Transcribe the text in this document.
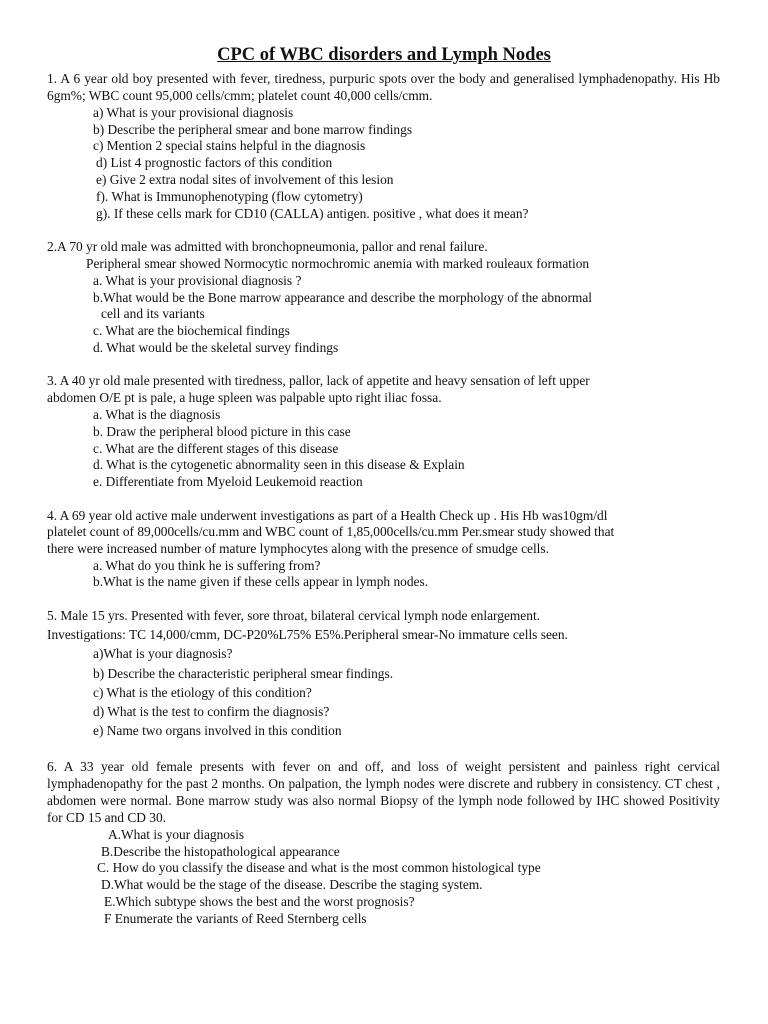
CPC of WBC disorders and Lymph Nodes

1. A 6 year old boy presented with fever, tiredness, purpuric spots over the body and generalised lymphadenopathy. His Hb 6gm%; WBC count 95,000 cells/cmm; platelet count 40,000 cells/cmm.

a) What is your provisional diagnosis
b) Describe the peripheral smear and bone marrow findings
c) Mention 2 special stains helpful in the diagnosis
d) List 4 prognostic factors of this condition
e) Give 2 extra nodal sites of involvement of this lesion
f). What is Immunophenotyping (flow cytometry)
g). If these cells mark for CD10 (CALLA) antigen. positive , what does it mean?
2.A 70 yr old male was admitted with bronchopneumonia, pallor and renal failure.
Peripheral smear showed Normocytic normochromic anemia with marked rouleaux formation
a. What is your provisional diagnosis ?
b.What would be the Bone marrow appearance and describe the morphology of the abnormal
cell and its variants
c. What are the biochemical findings
d. What would be the skeletal survey findings
3. A 40 yr old male presented with tiredness, pallor, lack of appetite and heavy sensation of left upper
abdomen O/E pt is pale, a huge spleen was palpable upto right iliac fossa.
a. What is the diagnosis
b. Draw the peripheral blood picture in this case
c. What are the different stages of this disease
d. What is the cytogenetic abnormality seen in this disease & Explain
e. Differentiate from Myeloid Leukemoid reaction
4. A 69 year old active male underwent investigations as part of a Health Check up . His Hb was10gm/dl
platelet count of 89,000cells/cu.mm and WBC count of 1,85,000cells/cu.mm Per.smear study showed that
there were increased number of mature lymphocytes along with the presence of smudge cells.
a. What do you think he is suffering from?
b.What is the name given if these cells appear in lymph nodes.
5. Male 15 yrs. Presented with fever, sore throat, bilateral cervical lymph node enlargement.
Investigations: TC 14,000/cmm, DC-P20%L75% E5%.Peripheral smear-No immature cells seen.
a)What is your diagnosis?
b) Describe the characteristic peripheral smear findings.
c) What is the etiology of this condition?
d) What is the test to confirm the diagnosis?
e) Name two organs involved in this condition

6. A 33 year old female presents with fever on and off, and loss of weight persistent and painless right cervical lymphadenopathy for the past 2 months. On palpation, the lymph nodes were discrete and rubbery in consistency. CT chest , abdomen were normal. Bone marrow study was also normal Biopsy of the lymph node followed by IHC showed Positivity for CD 15 and CD 30.

A.What is your diagnosis
B.Describe the histopathological appearance
C. How do you classify the disease and what is the most common histological type
D.What would be the stage of the disease. Describe the staging system.
E.Which subtype shows the best and the worst prognosis?
F Enumerate the variants of Reed Sternberg cells
